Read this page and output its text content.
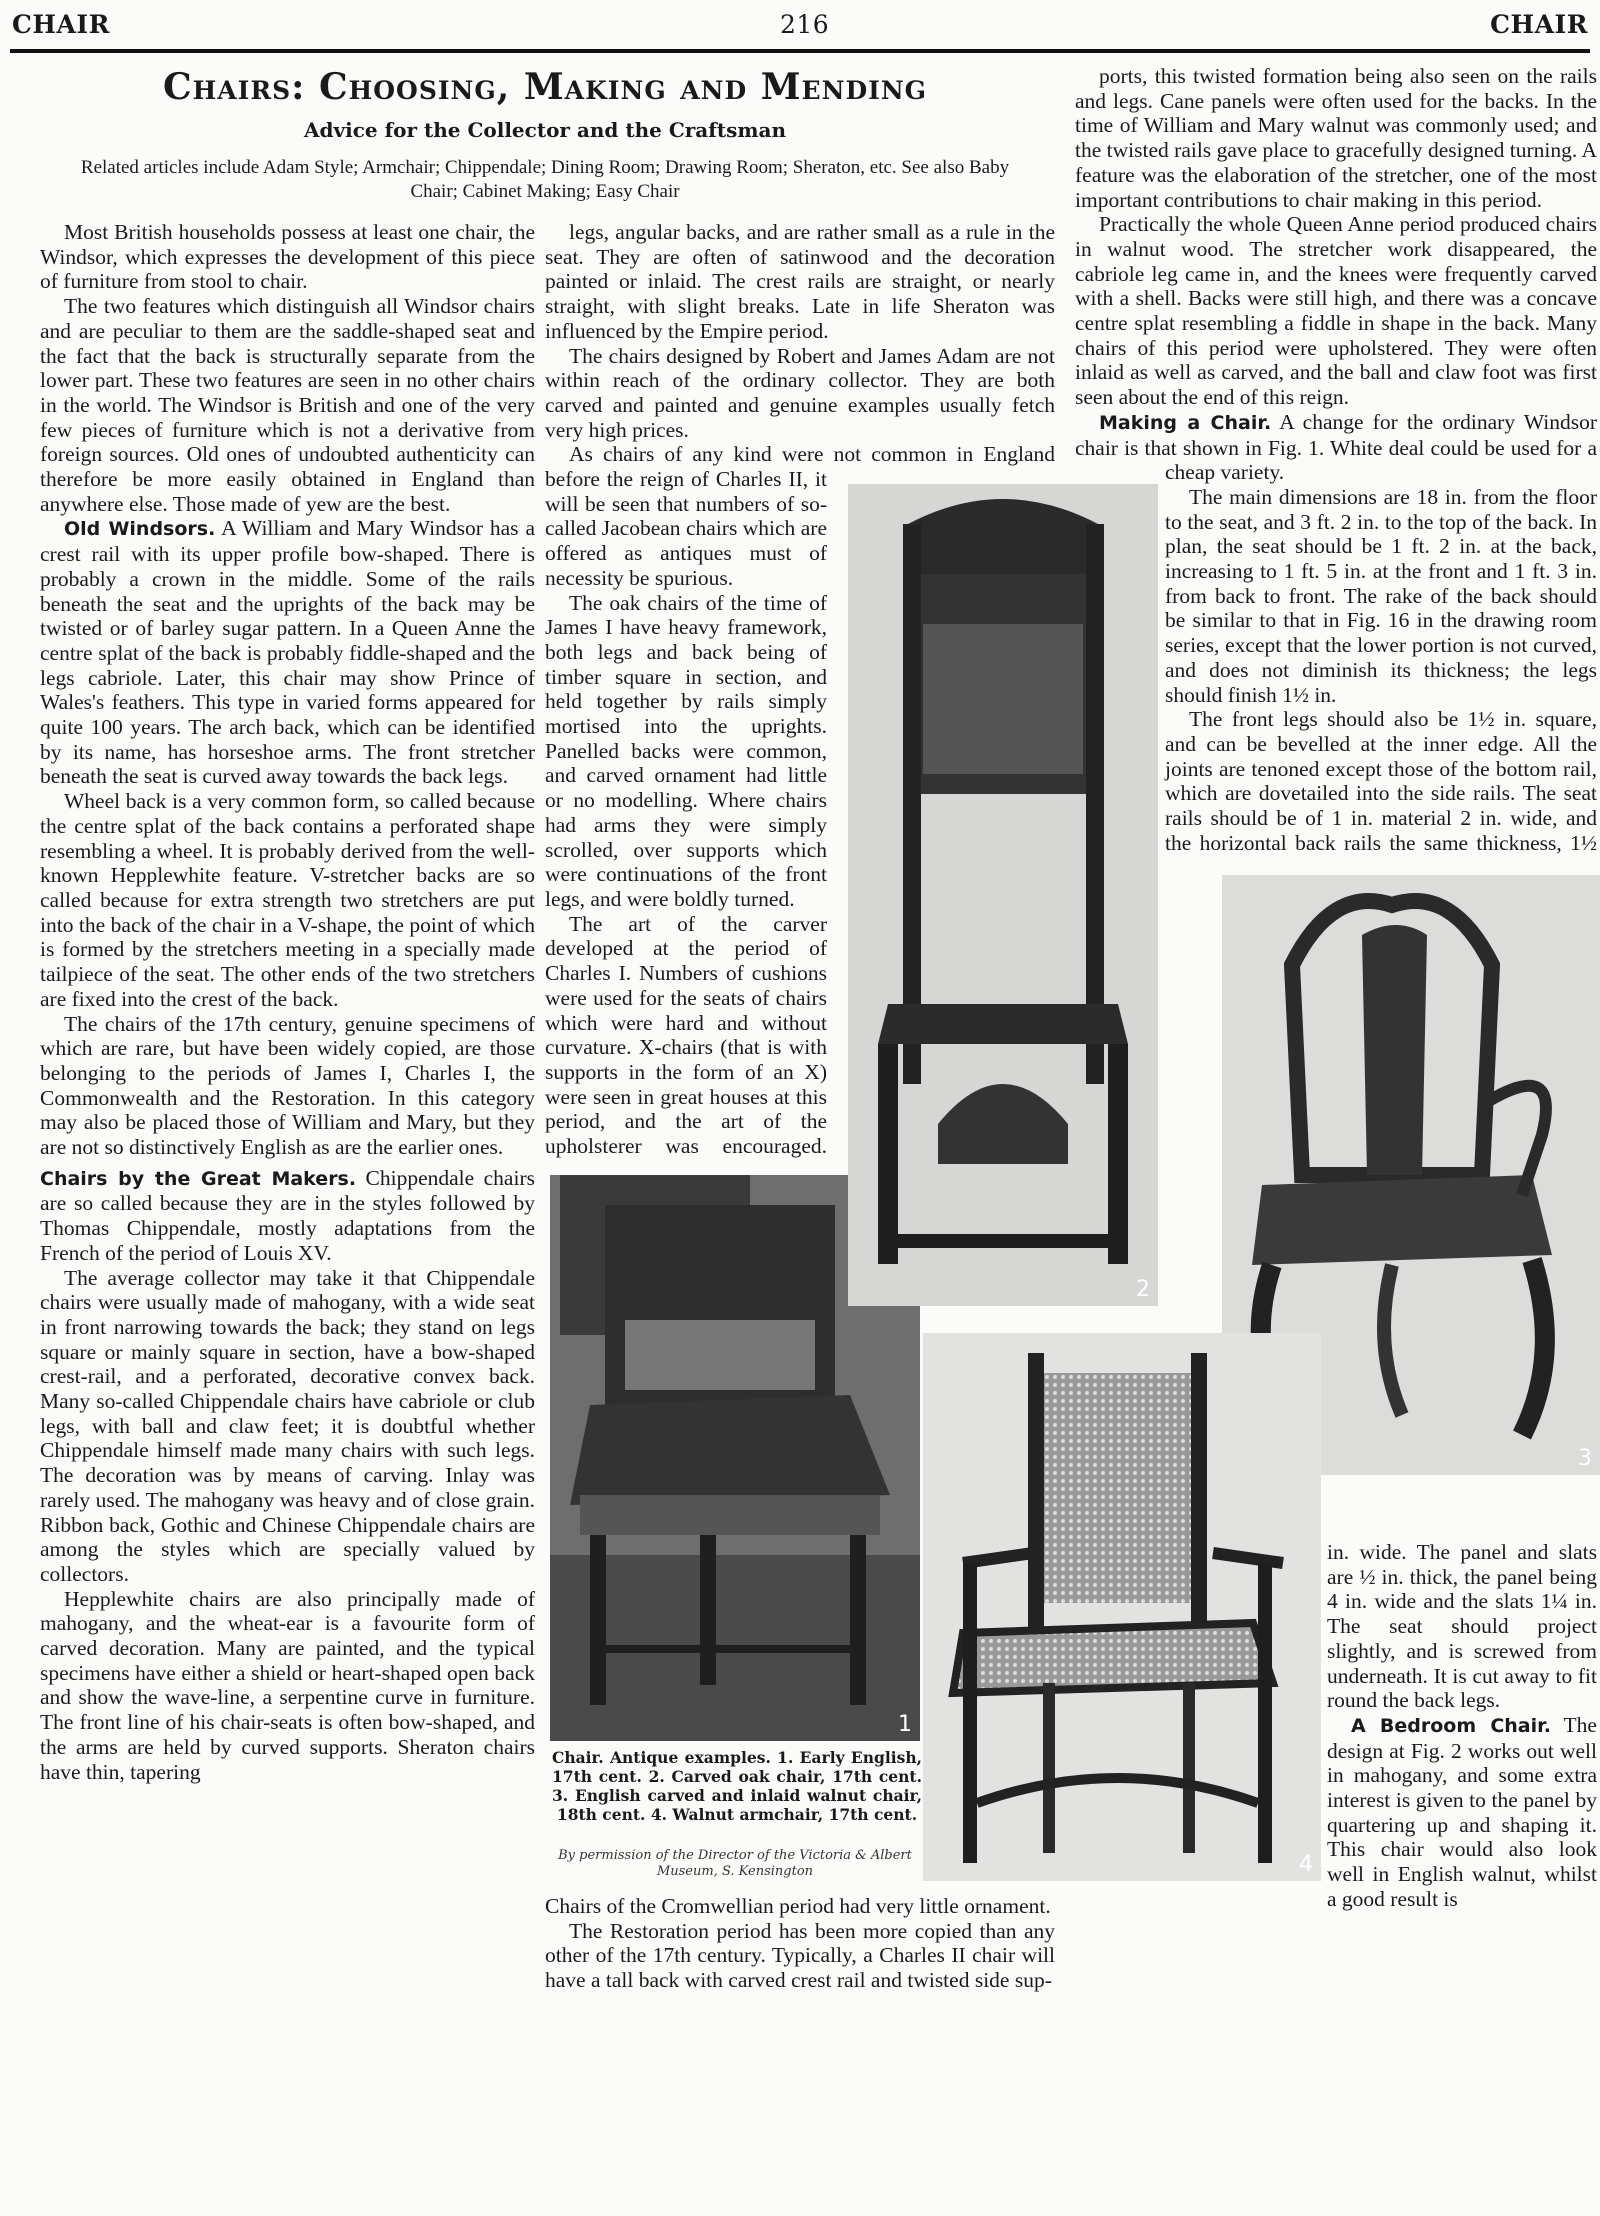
CHAIR	216	CHAIR
Chairs: Choosing, Making and Mending
Advice for the Collector and the Craftsman
Related articles include Adam Style; Armchair; Chippendale; Dining Room; Drawing Room; Sheraton, etc. See also Baby Chair; Cabinet Making; Easy Chair

Most British households possess at least one chair, the Windsor, which expresses the development of this piece of furniture from stool to chair.

The two features which distinguish all Windsor chairs and are peculiar to them are the saddle-shaped seat and the fact that the back is structurally separate from the lower part. These two features are seen in no other chairs in the world. The Windsor is British and one of the very few pieces of furniture which is not a derivative from foreign sources. Old ones of undoubted authenticity can therefore be more easily obtained in England than anywhere else. Those made of yew are the best.

Old Windsors. A William and Mary Windsor has a crest rail with its upper profile bow-shaped. There is probably a crown in the middle. Some of the rails beneath the seat and the uprights of the back may be twisted or of barley sugar pattern. In a Queen Anne the centre splat of the back is probably fiddle-shaped and the legs cabriole. Later, this chair may show Prince of Wales's feathers. This type in varied forms appeared for quite 100 years. The arch back, which can be identified by its name, has horseshoe arms. The front stretcher beneath the seat is curved away towards the back legs.

Wheel back is a very common form, so called because the centre splat of the back contains a perforated shape resembling a wheel. It is probably derived from the well-known Hepplewhite feature. V-stretcher backs are so called because for extra strength two stretchers are put into the back of the chair in a V-shape, the point of which is formed by the stretchers meeting in a specially made tailpiece of the seat. The other ends of the two stretchers are fixed into the crest of the back.

The chairs of the 17th century, genuine specimens of which are rare, but have been widely copied, are those belonging to the periods of James I, Charles I, the Commonwealth and the Restoration. In this category may also be placed those of William and Mary, but they are not so distinctively English as are the earlier ones.

Chairs by the Great Makers. Chippendale chairs are so called because they are in the styles followed by Thomas Chippendale, mostly adaptations from the French of the period of Louis XV.

The average collector may take it that Chippendale chairs were usually made of mahogany, with a wide seat in front narrowing towards the back; they stand on legs square or mainly square in section, have a bow-shaped crest-rail, and a perforated, decorative convex back. Many so-called Chippendale chairs have cabriole or club legs, with ball and claw feet; it is doubtful whether Chippendale himself made many chairs with such legs. The decoration was by means of carving. Inlay was rarely used. The mahogany was heavy and of close grain. Ribbon back, Gothic and Chinese Chippendale chairs are among the styles which are specially valued by collectors.

Hepplewhite chairs are also principally made of mahogany, and the wheat-ear is a favourite form of carved decoration. Many are painted, and the typical specimens have either a shield or heart-shaped open back and show the wave-line, a serpentine curve in furniture. The front line of his chair-seats is often bow-shaped, and the arms are held by curved supports. Sheraton chairs have thin, tapering

legs, angular backs, and are rather small as a rule in the seat. They are often of satinwood and the decoration painted or inlaid. The crest rails are straight, or nearly straight, with slight breaks. Late in life Sheraton was influenced by the Empire period.

The chairs designed by Robert and James Adam are not within reach of the ordinary collector. They are both carved and painted and genuine examples usually fetch very high prices.

As chairs of any kind were not common in England before the reign of Charles II, it will be seen that numbers of so-called Jacobean chairs which are offered as antiques must of necessity be spurious.

The oak chairs of the time of James I have heavy framework, both legs and back being of timber square in section, and held together by rails simply mortised into the uprights. Panelled backs were common, and carved ornament had little or no modelling. Where chairs had arms they were simply scrolled, over supports which were continuations of the front legs, and were boldly turned.

The art of the carver developed at the period of Charles I. Numbers of cushions were used for the seats of chairs which were hard and without curvature. X-chairs (that is with supports in the form of an X) were seen in great houses at this period, and the art of the upholsterer was encouraged. Chairs of the Cromwellian period had very little ornament.

The Restoration period has been more copied than any other of the 17th century. Typically, a Charles II chair will have a tall back with carved crest rail and twisted side sup-

ports, this twisted formation being also seen on the rails and legs. Cane panels were often used for the backs. In the time of William and Mary walnut was commonly used; and the twisted rails gave place to gracefully designed turning. A feature was the elaboration of the stretcher, one of the most important contributions to chair making in this period.

Practically the whole Queen Anne period produced chairs in walnut wood. The stretcher work disappeared, the cabriole leg came in, and the knees were frequently carved with a shell. Backs were still high, and there was a concave centre splat resembling a fiddle in shape in the back. Many chairs of this period were upholstered. They were often inlaid as well as carved, and the ball and claw foot was first seen about the end of this reign.

Making a Chair. A change for the ordinary Windsor chair is that shown in Fig. 1. White deal could be used for a cheap variety.

The main dimensions are 18 in. from the floor to the seat, and 3 ft. 2 in. to the top of the back. In plan, the seat should be 1 ft. 2 in. at the back, increasing to 1 ft. 5 in. at the front and 1 ft. 3 in. from back to front. The rake of the back should be similar to that in Fig. 16 in the drawing room series, except that the lower portion is not curved, and does not diminish its thickness; the legs should finish 1½ in.

The front legs should also be 1½ in. square, and can be bevelled at the inner edge. All the joints are tenoned except those of the bottom rail, which are dovetailed into the side rails. The seat rails should be of 1 in. material 2 in. wide, and the horizontal back rails the same thickness, 1½ in. wide. The panel and slats are ½ in. thick, the panel being 4 in. wide and the slats 1¼ in. The seat should project slightly, and is screwed from underneath. It is cut away to fit round the back legs.

A Bedroom Chair. The design at Fig. 2 works out well in mahogany, and some extra interest is given to the panel by quartering up and shaping it. This chair would also look well in English walnut, whilst a good result is

1
2
3
4
Chair. Antique examples. 1. Early English, 17th cent. 2. Carved oak chair, 17th cent. 3. English carved and inlaid walnut chair, 18th cent. 4. Walnut armchair, 17th cent.
By permission of the Director of the Victoria & Albert Museum, S. Kensington
